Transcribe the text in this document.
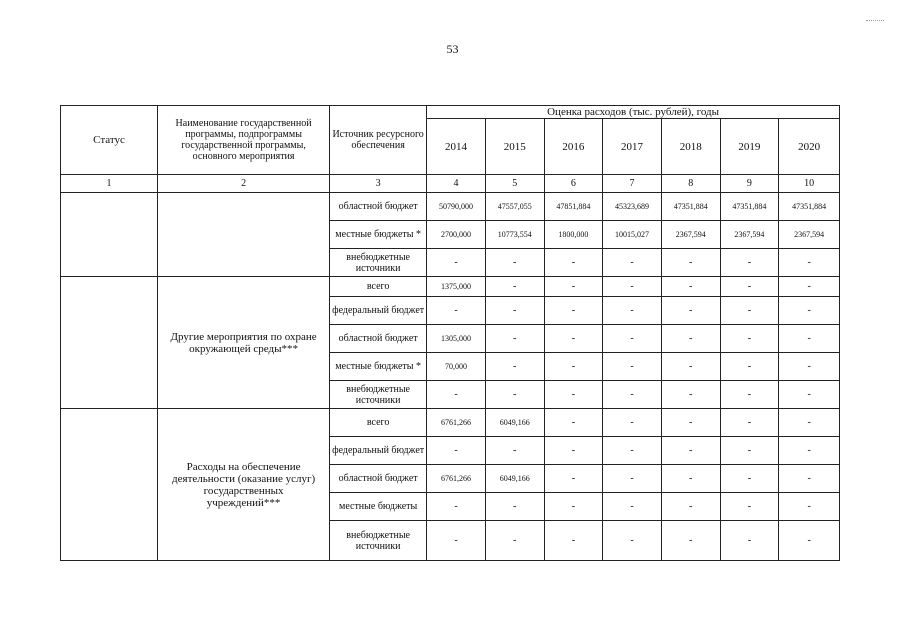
53
Статус	Наименование государственной программы, подпрограммы государственной программы, основного мероприятия	Источник ресурсного обеспечения	Оценка расходов (тыс. рублей), годы						
			2014	2015	2016	2017	2018	2019	2020
1	2	3	4	5	6	7	8	9	10
		областной бюджет	50790,000	47557,055	47851,884	45323,689	47351,884	47351,884	47351,884
		местные бюджеты *	2700,000	10773,554	1800,000	10015,027	2367,594	2367,594	2367,594
		внебюджетные источники	-	-	-	-	-	-	-
	Другие мероприятия по охране окружающей среды***	всего	1375,000	-	-	-	-	-	-
		федеральный бюджет	-	-	-	-	-	-	-
		областной бюджет	1305,000	-	-	-	-	-	-
		местные бюджеты *	70,000	-	-	-	-	-	-
		внебюджетные источники	-	-	-	-	-	-	-
	Расходы на обеспечение деятельности (оказание услуг) государственных учреждений***	всего	6761,266	6049,166	-	-	-	-	-
		федеральный бюджет	-	-	-	-	-	-	-
		областной бюджет	6761,266	6049,166	-	-	-	-	-
		местные бюджеты	-	-	-	-	-	-	-
		внебюджетные источники	-	-	-	-	-	-	-
